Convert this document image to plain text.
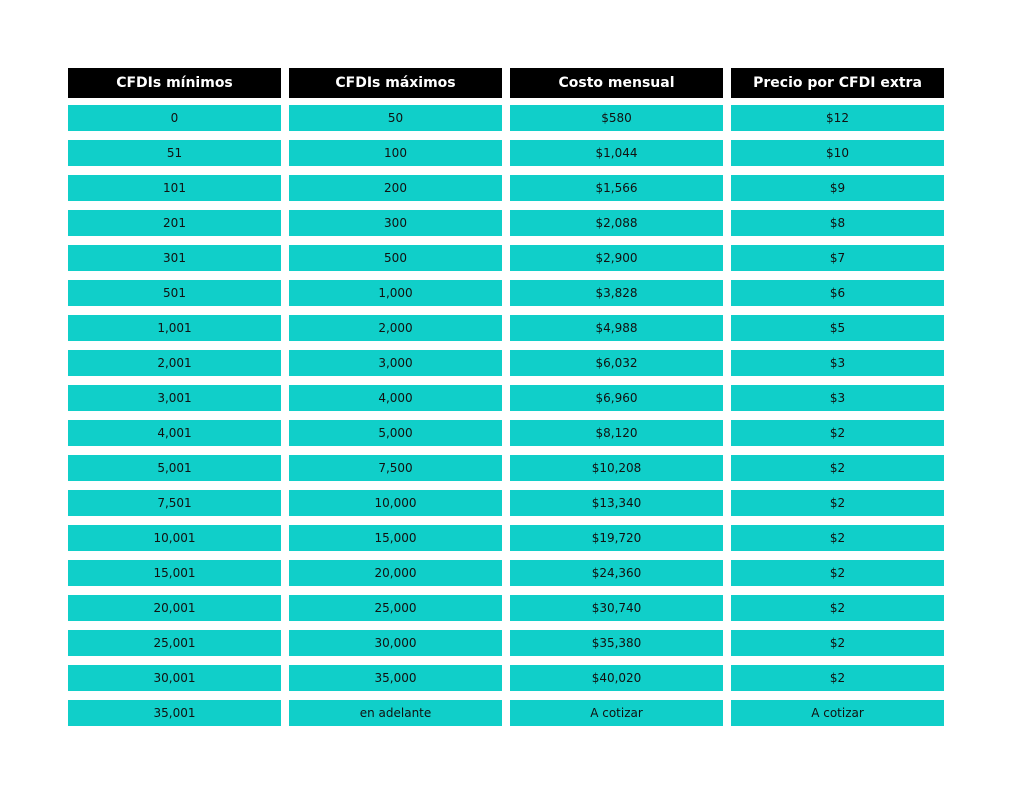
CFDIs mínimos	CFDIs máximos	Costo mensual	Precio por CFDI extra
0	50	$580	$12
51	100	$1,044	$10
101	200	$1,566	$9
201	300	$2,088	$8
301	500	$2,900	$7
501	1,000	$3,828	$6
1,001	2,000	$4,988	$5
2,001	3,000	$6,032	$3
3,001	4,000	$6,960	$3
4,001	5,000	$8,120	$2
5,001	7,500	$10,208	$2
7,501	10,000	$13,340	$2
10,001	15,000	$19,720	$2
15,001	20,000	$24,360	$2
20,001	25,000	$30,740	$2
25,001	30,000	$35,380	$2
30,001	35,000	$40,020	$2
35,001	en adelante	A cotizar	A cotizar
